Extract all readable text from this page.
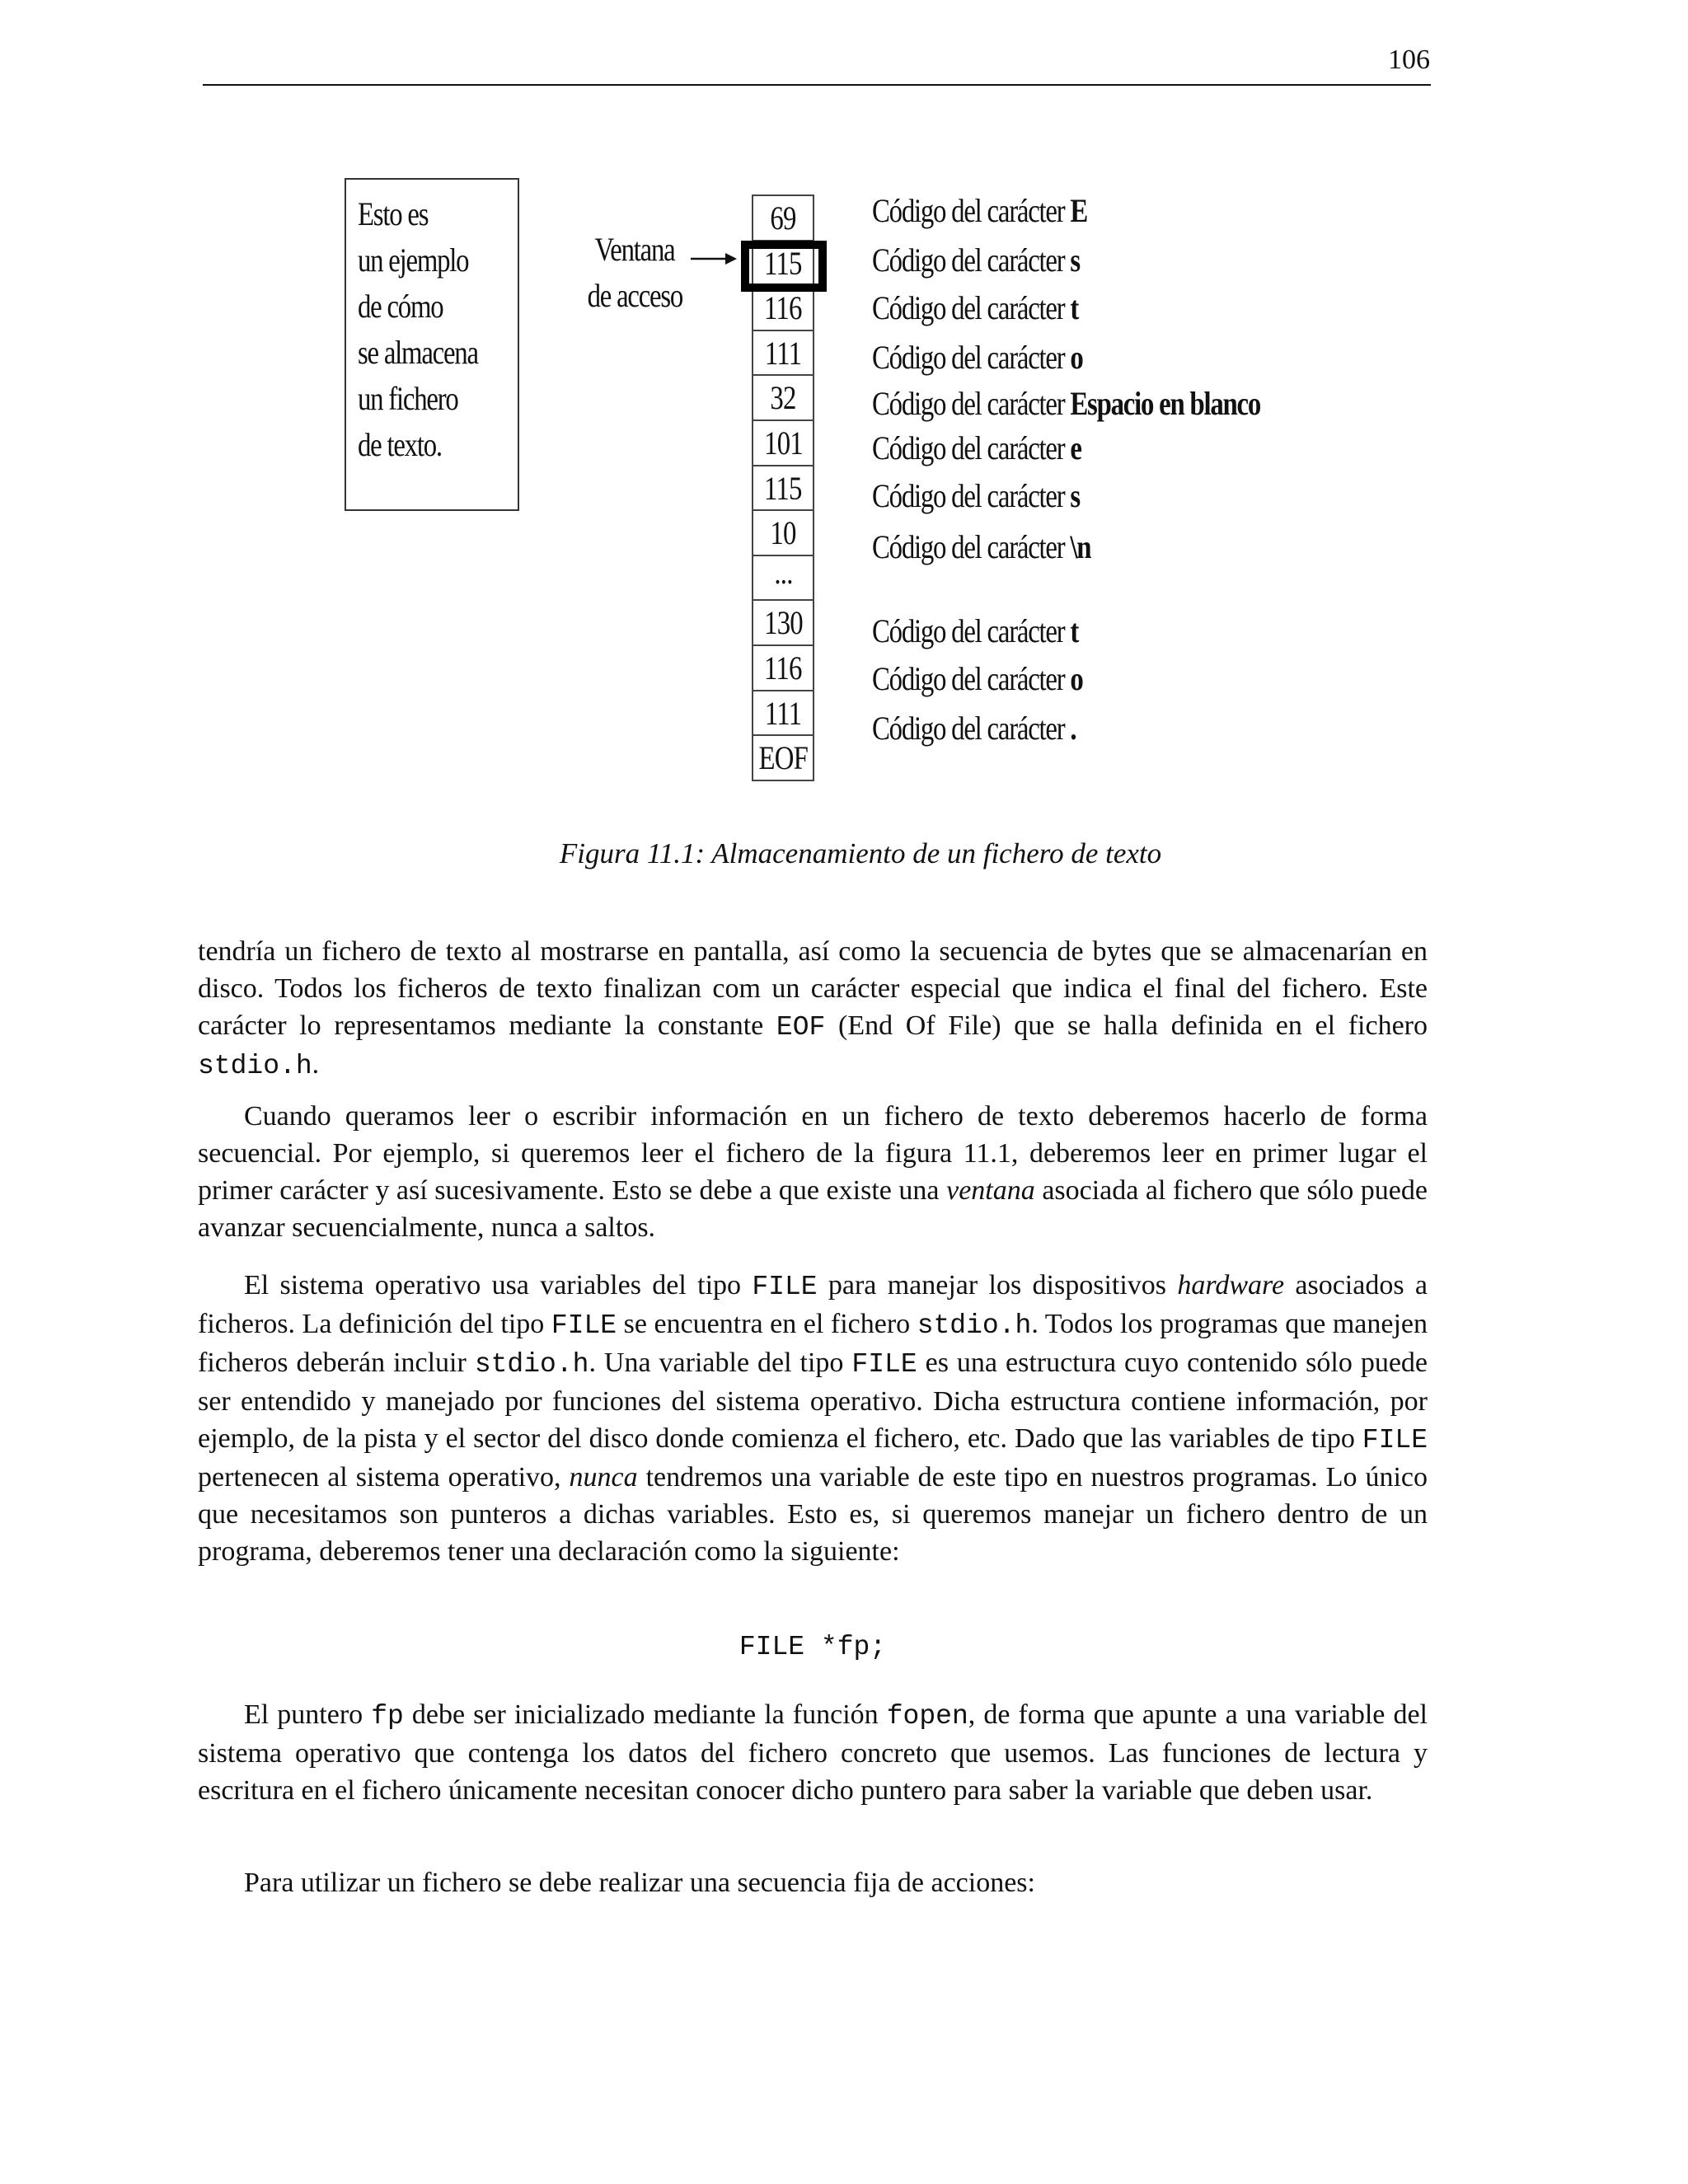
106
Esto es
un ejemplo
de cómo
se almacena
un fichero
de texto.
Ventana
de acceso
69
115
116
111
32
101
115
10
...
130
116
111
EOF
Código del carácter E
Código del carácter s
Código del carácter t
Código del carácter o
Código del carácter Espacio en blanco
Código del carácter e
Código del carácter s
Código del carácter \n
Código del carácter t
Código del carácter o
Código del carácter .
Figura 11.1: Almacenamiento de un fichero de texto

tendría un fichero de texto al mostrarse en pantalla, así como la secuencia de bytes que se almacenarían en disco. Todos los ficheros de texto finalizan com un carácter especial que indica el final del fichero. Este carácter lo representamos mediante la constante EOF (End Of File) que se halla definida en el fichero stdio.h.

Cuando queramos leer o escribir información en un fichero de texto deberemos hacerlo de forma secuencial. Por ejemplo, si queremos leer el fichero de la figura 11.1, deberemos leer en primer lugar el primer carácter y así sucesivamente. Esto se debe a que existe una ventana asociada al fichero que sólo puede avanzar secuencialmente, nunca a saltos.

El sistema operativo usa variables del tipo FILE para manejar los dispositivos hardware asociados a ficheros. La definición del tipo FILE se encuentra en el fichero stdio.h. Todos los programas que manejen ficheros deberán incluir stdio.h. Una variable del tipo FILE es una estructura cuyo contenido sólo puede ser entendido y manejado por funciones del sistema operativo. Dicha estructura contiene información, por ejemplo, de la pista y el sector del disco donde comienza el fichero, etc. Dado que las variables de tipo FILE pertenecen al sistema operativo, nunca tendremos una variable de este tipo en nuestros programas. Lo único que necesitamos son punteros a dichas variables. Esto es, si queremos manejar un fichero dentro de un programa, deberemos tener una declaración como la siguiente:

FILE *fp;

El puntero fp debe ser inicializado mediante la función fopen, de forma que apunte a una variable del sistema operativo que contenga los datos del fichero concreto que usemos. Las funciones de lectura y escritura en el fichero únicamente necesitan conocer dicho puntero para saber la variable que deben usar.

Para utilizar un fichero se debe realizar una secuencia fija de acciones:
